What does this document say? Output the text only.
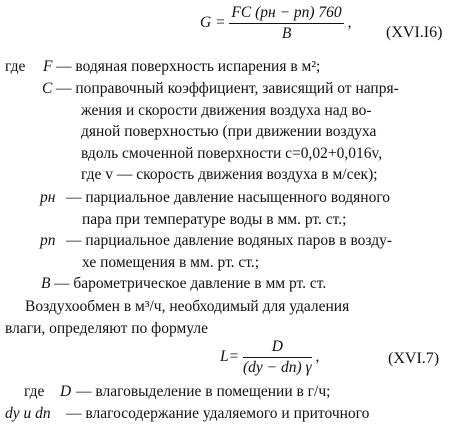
$G = \frac{FC (pн - pп) 760}{B}$ ,
(XVI.I6)
где F — водяная поверхность испарения в м²;
C — поправочный коэффициент, зависящий от напря-
жения и скорости движения воздуха над во-
дяной поверхностью (при движении воздуха
вдоль смоченной поверхности c=0,02+0,016v,
где v — скорость движения воздуха в м/сек);
pн — парциальное давление насыщенного водяного
пара при температуре воды в мм. рт. ст.;
pп — парциальное давление водяных паров в возду-
хе помещения в мм. рт. ст.;
B — барометрическое давление в мм рт. ст.
Воздухообмен в м³/ч, необходимый для удаления
влаги, определяют по формуле
$L= \frac{D}{(dy - dп) \gamma}$ ,	(XVI.7)
где D — влаговыделение в помещении в г/ч;
dy и dп — влагосодержание удаляемого и приточного
